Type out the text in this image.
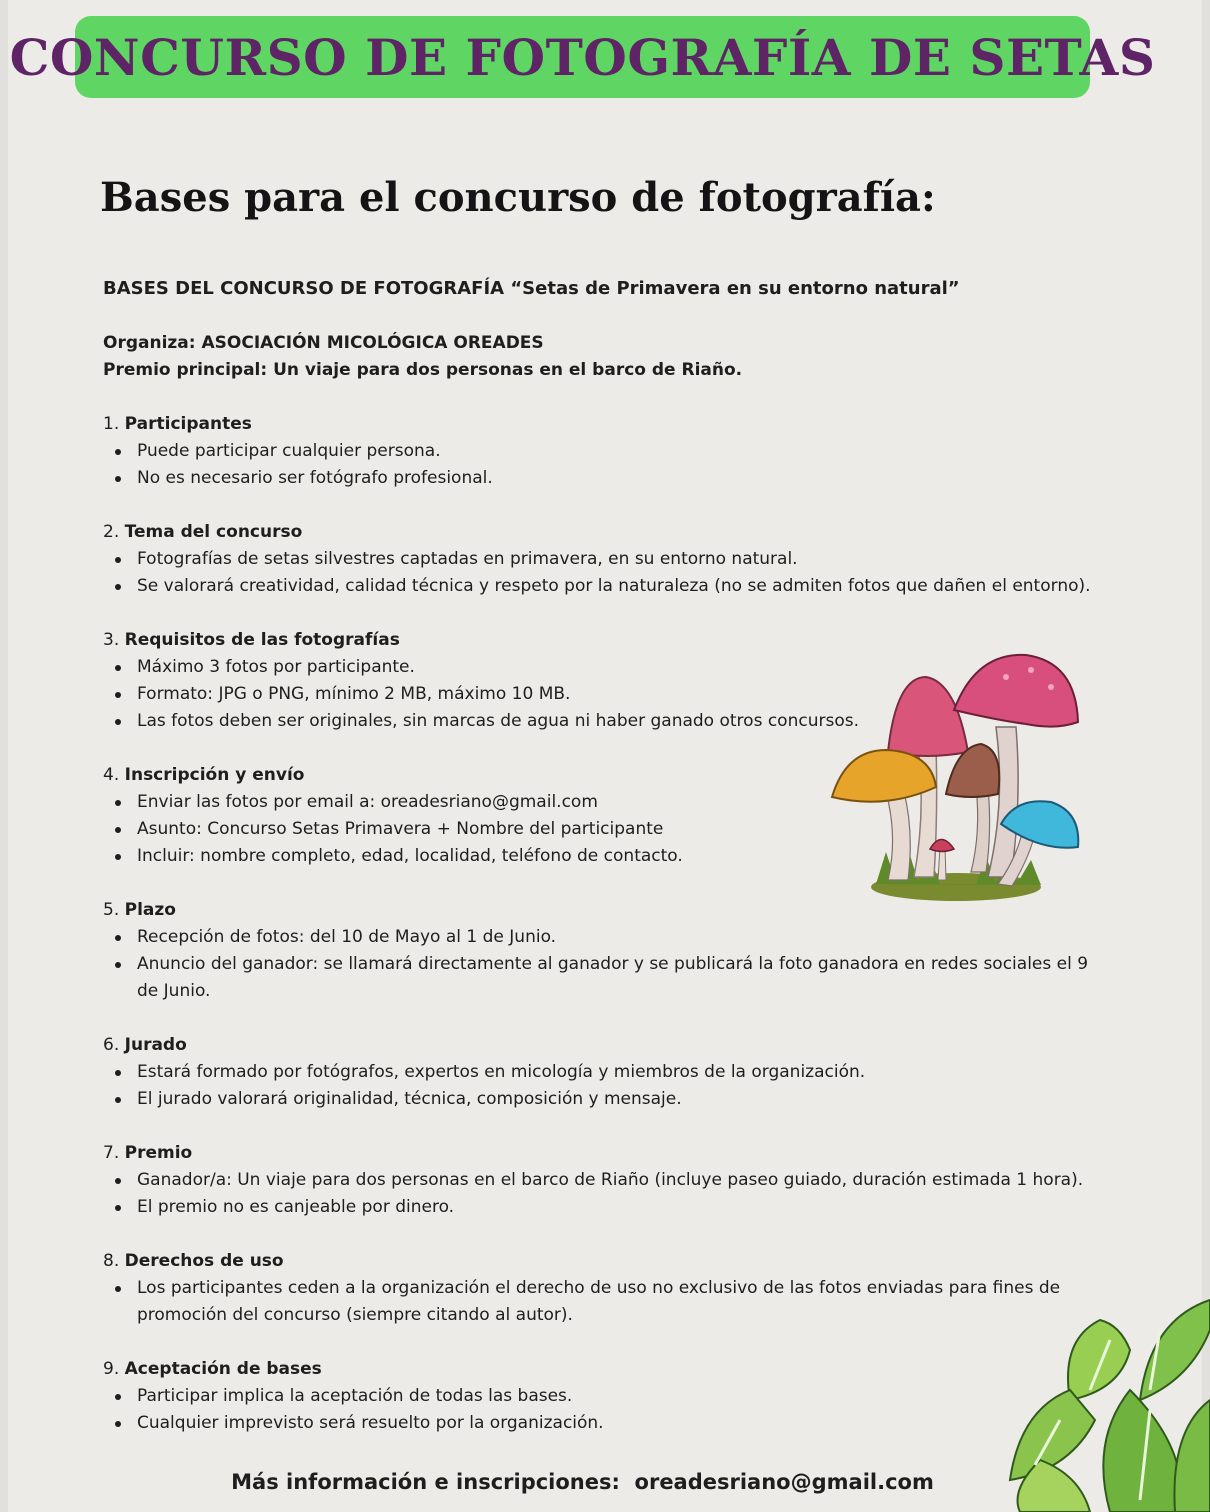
CONCURSO DE FOTOGRAFÍA DE SETAS
Bases para el concurso de fotografía:
BASES DEL CONCURSO DE FOTOGRAFÍA “Setas de Primavera en su entorno natural”
Organiza: ASOCIACIÓN MICOLÓGICA OREADES
Premio principal: Un viaje para dos personas en el barco de Riaño.
1. Participantes
Puede participar cualquier persona.
No es necesario ser fotógrafo profesional.
2. Tema del concurso
Fotografías de setas silvestres captadas en primavera, en su entorno natural.
Se valorará creatividad, calidad técnica y respeto por la naturaleza (no se admiten fotos que dañen el entorno).
3. Requisitos de las fotografías
Máximo 3 fotos por participante.
Formato: JPG o PNG, mínimo 2 MB, máximo 10 MB.
Las fotos deben ser originales, sin marcas de agua ni haber ganado otros concursos.
4. Inscripción y envío
Enviar las fotos por email a: oreadesriano@gmail.com
Asunto: Concurso Setas Primavera + Nombre del participante
Incluir: nombre completo, edad, localidad, teléfono de contacto.
5. Plazo
Recepción de fotos: del 10 de Mayo al 1 de Junio.
Anuncio del ganador: se llamará directamente al ganador y se publicará la foto ganadora en redes sociales el 9 de Junio.
6. Jurado
Estará formado por fotógrafos, expertos en micología y miembros de la organización.
El jurado valorará originalidad, técnica, composición y mensaje.
7. Premio
Ganador/a: Un viaje para dos personas en el barco de Riaño (incluye paseo guiado, duración estimada 1 hora).
El premio no es canjeable por dinero.
8. Derechos de uso
Los participantes ceden a la organización el derecho de uso no exclusivo de las fotos enviadas para fines de promoción del concurso (siempre citando al autor).
9. Aceptación de bases
Participar implica la aceptación de todas las bases.
Cualquier imprevisto será resuelto por la organización.
Más información e inscripciones: oreadesriano@gmail.com
